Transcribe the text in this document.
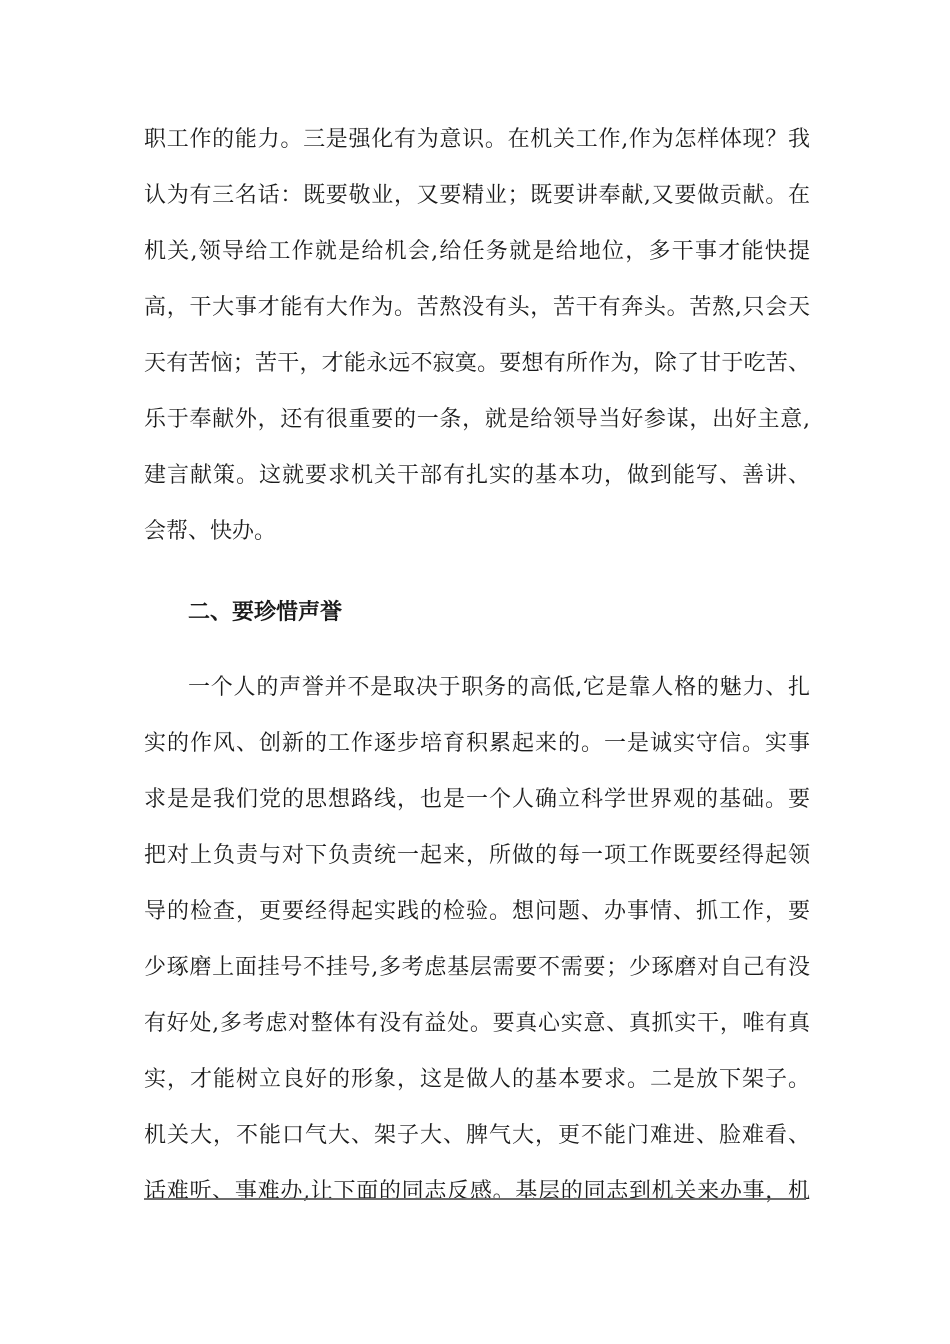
职工作的能力。三是强化有为意识。在机关工作,作为怎样体现？我
认为有三名话：既要敬业，又要精业；既要讲奉献,又要做贡献。在
机关,领导给工作就是给机会,给任务就是给地位，多干事才能快提
高，干大事才能有大作为。苦熬没有头，苦干有奔头。苦熬,只会天
天有苦恼；苦干，才能永远不寂寞。要想有所作为，除了甘于吃苦、
乐于奉献外，还有很重要的一条，就是给领导当好参谋，出好主意,
建言献策。这就要求机关干部有扎实的基本功，做到能写、善讲、
会帮、快办。
二、要珍惜声誉
一个人的声誉并不是取决于职务的高低,它是靠人格的魅力、扎
实的作风、创新的工作逐步培育积累起来的。一是诚实守信。实事
求是是我们党的思想路线，也是一个人确立科学世界观的基础。要
把对上负责与对下负责统一起来，所做的每一项工作既要经得起领
导的检查，更要经得起实践的检验。想问题、办事情、抓工作，要
少琢磨上面挂号不挂号,多考虑基层需要不需要；少琢磨对自己有没
有好处,多考虑对整体有没有益处。要真心实意、真抓实干，唯有真
实，才能树立良好的形象，这是做人的基本要求。二是放下架子。
机关大，不能口气大、架子大、脾气大，更不能门难进、脸难看、
话难听、事难办,让下面的同志反感。基层的同志到机关来办事，机
